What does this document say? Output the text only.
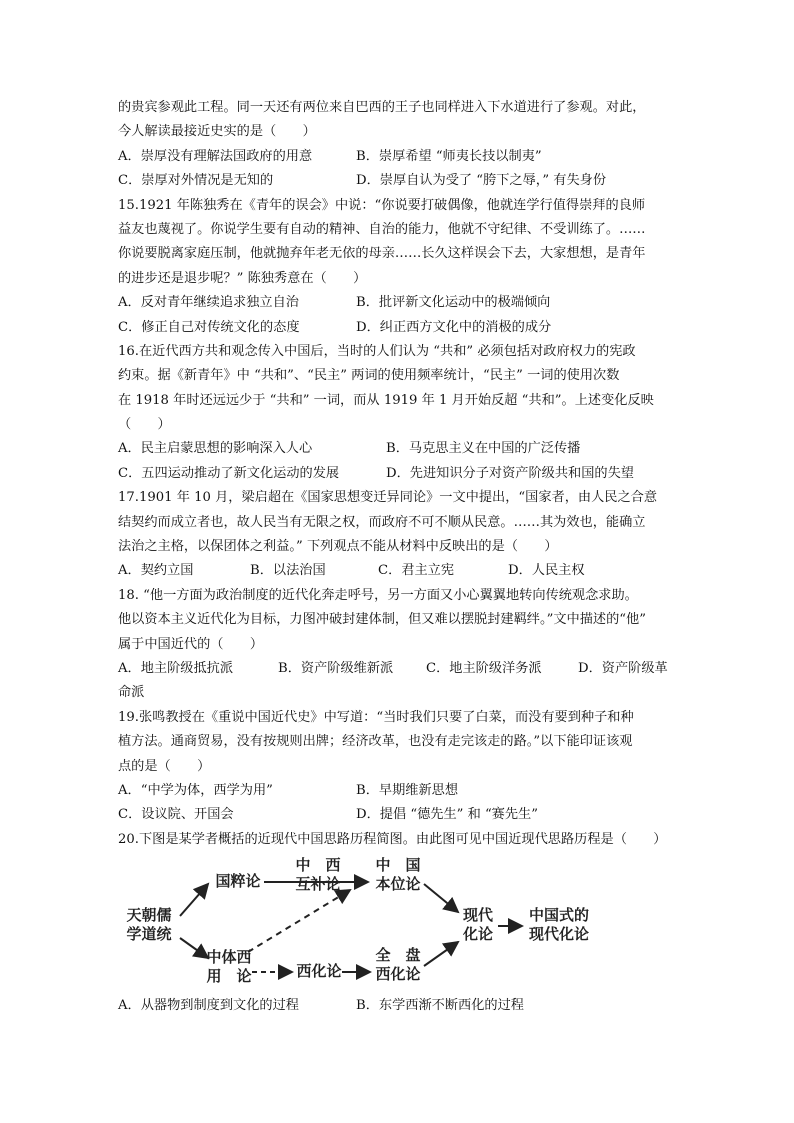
的贵宾参观此工程。同一天还有两位来自巴西的王子也同样进入下水道进行了参观。对此，
今人解读最接近史实的是（　　）
A．崇厚没有理解法国政府的用意	B．崇厚希望 “师夷长技以制夷”
C．崇厚对外情况是无知的	D．崇厚自认为受了 “胯下之辱，” 有失身份
15.1921 年陈独秀在《青年的误会》中说：“你说要打破偶像，他就连学行值得崇拜的良师
益友也蔑视了。你说学生要有自动的精神、自治的能力，他就不守纪律、不受训练了。……
你说要脱离家庭压制，他就抛弃年老无依的母亲……长久这样误会下去，大家想想，是青年
的进步还是退步呢？” 陈独秀意在（　　）
A．反对青年继续追求独立自治	B．批评新文化运动中的极端倾向
C．修正自己对传统文化的态度	D．纠正西方文化中的消极的成分
16.在近代西方共和观念传入中国后，当时的人们认为 “共和” 必须包括对政府权力的宪政
约束。据《新青年》中 “共和”、“民主” 两词的使用频率统计，“民主” 一词的使用次数
在 1918 年时还远远少于 “共和” 一词，而从 1919 年 1 月开始反超 “共和”。上述变化反映
（　　）
A．民主启蒙思想的影响深入人心	B．马克思主义在中国的广泛传播
C．五四运动推动了新文化运动的发展	D．先进知识分子对资产阶级共和国的失望
17.1901 年 10 月，梁启超在《国家思想变迁异同论》一文中提出，“国家者，由人民之合意
结契约而成立者也，故人民当有无限之权，而政府不可不顺从民意。……其为效也，能确立
法治之主格，以保团体之利益。” 下列观点不能从材料中反映出的是（　　）
A．契约立国	B．以法治国	C．君主立宪	D．人民主权
18. “他一方面为政治制度的近代化奔走呼号，另一方面又小心翼翼地转向传统观念求助。
他以资本主义近代化为目标，力图冲破封建体制，但又难以摆脱封建羁绊。”文中描述的“他”
属于中国近代的（　　）
A．地主阶级抵抗派	B．资产阶级维新派	C．地主阶级洋务派	D．资产阶级革
命派
19.张鸣教授在《重说中国近代史》中写道：“当时我们只要了白菜，而没有要到种子和种
植方法。通商贸易，没有按规则出牌；经济改革，也没有走完该走的路。”以下能印证该观
点的是（　　）
A．“中学为体，西学为用”	B．早期维新思想
C．设议院、开国会	D．提倡 “德先生” 和 “赛先生”
20.下图是某学者概括的近现代中国思路历程简图。由此图可见中国近现代思路历程是（　　）
天朝儒
学道统
国粹论
中体西
用　论
中　西
互补论
中　国
本位论
西化论
全　盘
西化论
现代
化论
中国式的
现代化论
A．从器物到制度到文化的过程	B．东学西渐不断西化的过程
